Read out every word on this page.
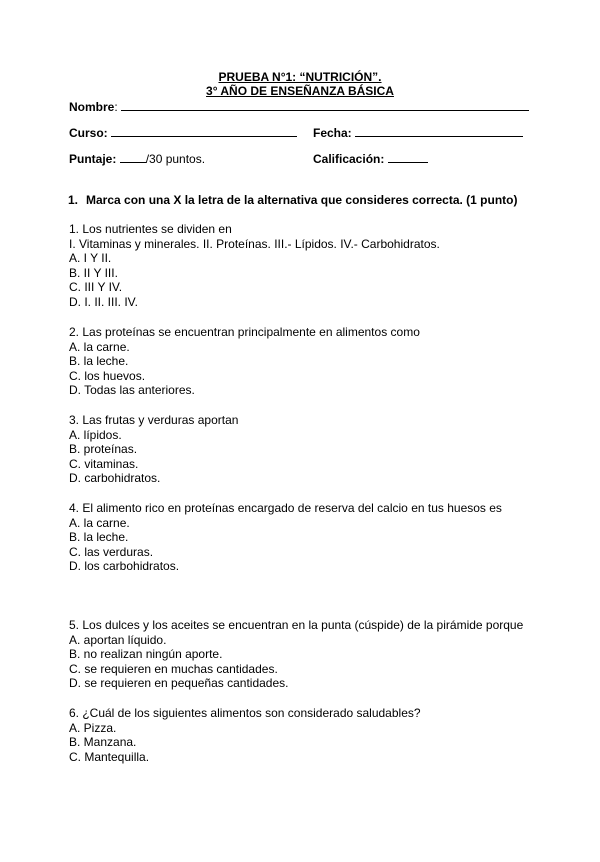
PRUEBA N°1: “NUTRICIÓN”.
3° AÑO DE ENSEÑANZA BÁSICA
Nombre:
Curso:	Fecha:
Puntaje: /30 puntos.	Calificación:
1. Marca con una X la letra de la alternativa que consideres correcta. (1 punto)
1. Los nutrientes se dividen en
I. Vitaminas y minerales. II. Proteínas. III.- Lípidos. IV.- Carbohidratos.
A. I Y II.
B. II Y III.
C. III Y IV.
D. I. II. III. IV.
2. Las proteínas se encuentran principalmente en alimentos como
A. la carne.
B. la leche.
C. los huevos.
D. Todas las anteriores.
3. Las frutas y verduras aportan
A. lípidos.
B. proteínas.
C. vitaminas.
D. carbohidratos.
4. El alimento rico en proteínas encargado de reserva del calcio en tus huesos es
A. la carne.
B. la leche.
C. las verduras.
D. los carbohidratos.
5. Los dulces y los aceites se encuentran en la punta (cúspide) de la pirámide porque
A. aportan líquido.
B. no realizan ningún aporte.
C. se requieren en muchas cantidades.
D. se requieren en pequeñas cantidades.
6. ¿Cuál de los siguientes alimentos son considerado saludables?
A. Pizza.
B. Manzana.
C. Mantequilla.
